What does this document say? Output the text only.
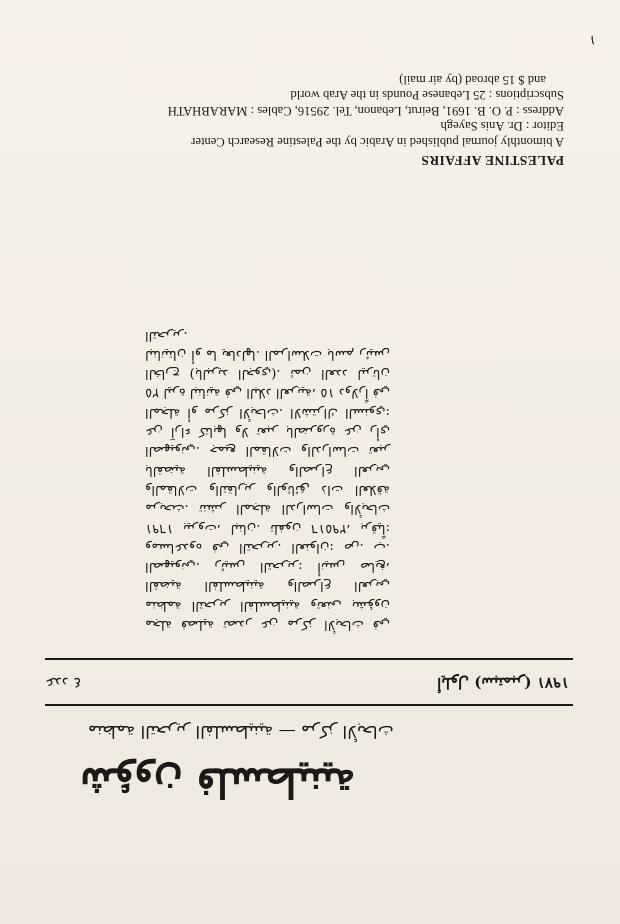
شؤون فلسطينية
منظمة التحرير الفلسطينية — مركز الأبحاث
أيلول (سبتمبر) ١٩٧١
عدد ٤

مجلة فصلية تصدر عن مركز الأبحاث في منظمة التحرير الفلسطينية وتعنى بشؤون القضية الفلسطينية والصراع العربي الصهيوني. رئيس التحرير: أنيس صايغ، ومساعدوه في التحرير. العنوان: ص. ب. ١٦٩١ بيروت، لبنان. تلفون ٢٩٥١٦، برقياً: مربحث. تنشر المجلة الدراسات والأبحاث والمقالات والتقارير والوثائق ذات العلاقة بالقضية الفلسطينية والصراع العربي الصهيوني. جميع المقالات والدراسات تعبر عن آراء كتابها ولا تعبر بالضرورة عن رأي المجلة أو مركز الأبحاث. الاشتراك السنوي: ٢٥ ليرة لبنانية في البلاد العربية، ١٥ دولاراً في الخارج (بالبريد الجوي). ثمن العدد ليرتان لبنانيتان أو ما يعادلها. المراسلات باسم رئيس التحرير.

PALESTINE AFFAIRS
A bimonthly journal published in Arabic by the Palestine Research Center
Editor : Dr. Anis Sayegh
Address : P. O. B. 1691, Beirut, Lebanon, Tel. 29516, Cables : MARABHATH
Subscriptions : 25 Lebanese Pounds in the Arab world
and $ 15 abroad (by air mail)
١
